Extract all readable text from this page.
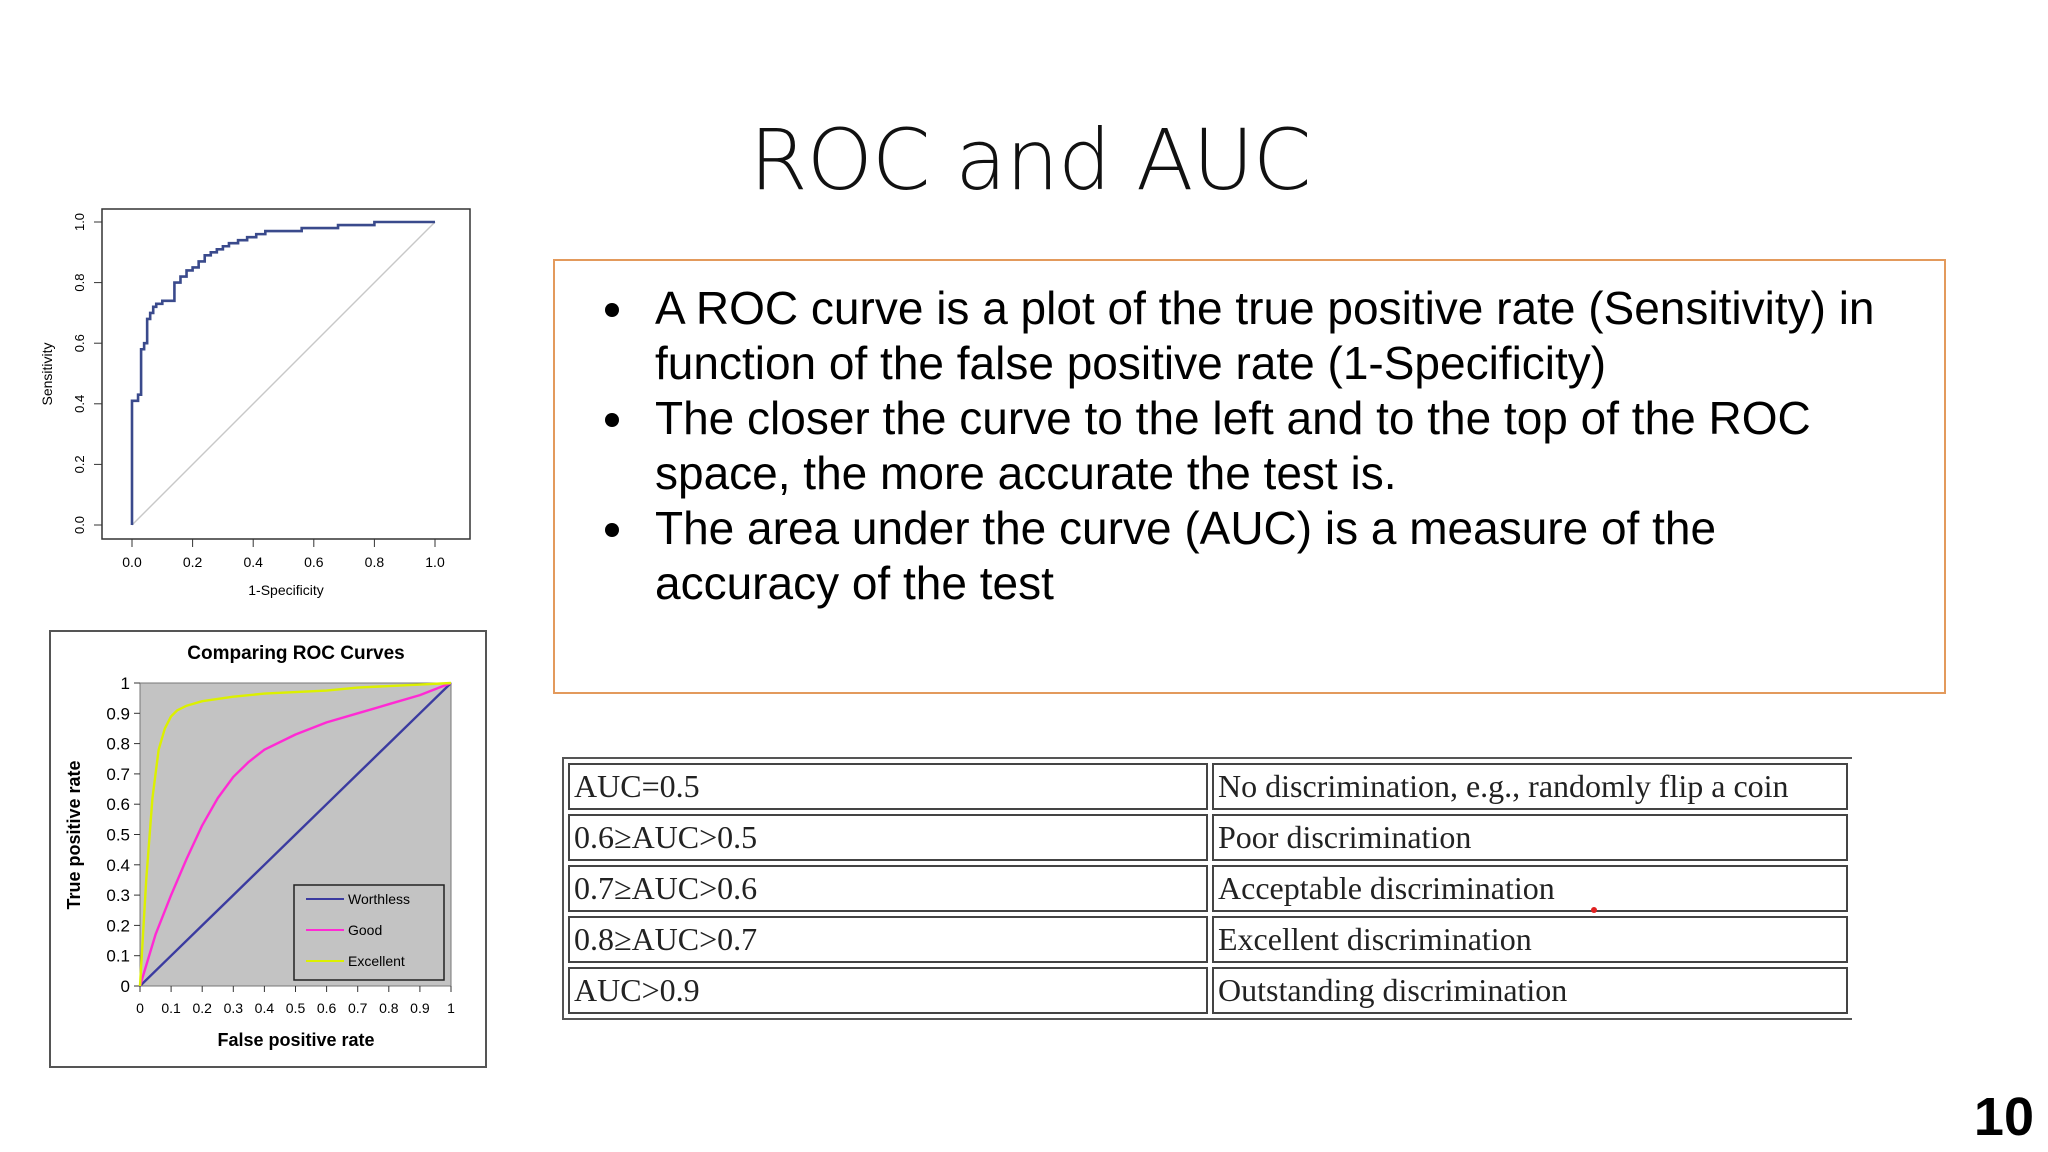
ROC and AUC
0.0	0.2	0.4	0.6	0.8	1.0
0.0
0.2
0.4
0.6
0.8
1.0
1-Specificity
Sensitivity
Comparing ROC Curves
0 0.1 0.2 0.3 0.4 0.5 0.6 0.7 0.8 0.9 1
0
0.1
0.2
0.3
0.4
0.5
0.6
0.7
0.8
0.9
1
Worthless
Good
Excellent
False positive rate
True positive rate
A ROC curve is a plot of the true positive rate (Sensitivity) in function of the false positive rate (1-Specificity)
The closer the curve to the left and to the top of the ROC space, the more accurate the test is.
The area under the curve (AUC) is a measure of the accuracy of the test
AUC=0.5	No discrimination, e.g., randomly flip a coin
0.6≥AUC>0.5	Poor discrimination
0.7≥AUC>0.6	Acceptable discrimination
0.8≥AUC>0.7	Excellent discrimination
AUC>0.9	Outstanding discrimination
10
